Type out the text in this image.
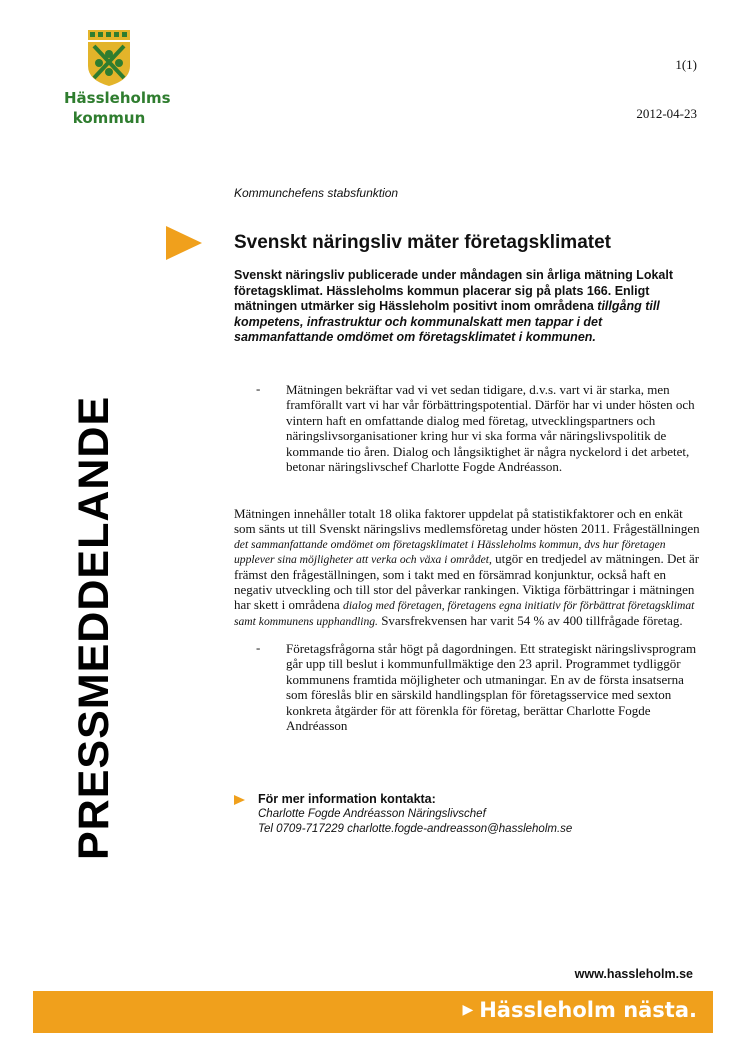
Hässleholms
kommun
1(1)
2012-04-23
PRESSMEDDELANDE
Kommunchefens stabsfunktion
Svenskt näringsliv mäter företagsklimatet

Svenskt näringsliv publicerade under måndagen sin årliga mätning Lokalt företagsklimat. Hässleholms kommun placerar sig på plats 166. Enligt mätningen utmärker sig Hässleholm positivt inom områdena tillgång till kompetens, infrastruktur och kommunalskatt men tappar i det sammanfattande omdömet om företagsklimatet i kommunen.

- Mätningen bekräftar vad vi vet sedan tidigare, d.v.s. vart vi är starka, men framförallt vart vi har vår förbättringspotential. Därför har vi under hösten och vintern haft en omfattande dialog med företag, utvecklingspartners och näringslivsorganisationer kring hur vi ska forma vår näringslivspolitik de kommande tio åren. Dialog och långsiktighet är några nyckelord i det arbetet, betonar näringslivschef Charlotte Fogde Andréasson.

Mätningen innehåller totalt 18 olika faktorer uppdelat på statistikfaktorer och en enkät som sänts ut till Svenskt näringslivs medlemsföretag under hösten 2011. Frågeställningen det sammanfattande omdömet om företagsklimatet i Hässleholms kommun, dvs hur företagen upplever sina möjligheter att verka och växa i området, utgör en tredjedel av mätningen. Det är främst den frågeställningen, som i takt med en försämrad konjunktur, också haft en negativ utveckling och till stor del påverkar rankingen. Viktiga förbättringar i mätningen har skett i områdena dialog med företagen, företagens egna initiativ för förbättrat företagsklimat samt kommunens upphandling. Svarsfrekvensen har varit 54 % av 400 tillfrågade företag.

- Företagsfrågorna står högt på dagordningen. Ett strategiskt näringslivsprogram går upp till beslut i kommunfullmäktige den 23 april. Programmet tydliggör kommunens framtida möjligheter och utmaningar. En av de första insatserna som föreslås blir en särskild handlingsplan för företagsservice med sexton konkreta åtgärder för att förenkla för företag, berättar Charlotte Fogde Andréasson

För mer information kontakta:
Charlotte Fogde Andréasson Näringslivschef
Tel 0709-717229 charlotte.fogde-andreasson@hassleholm.se
www.hassleholm.se
▶ Hässleholm nästa.
